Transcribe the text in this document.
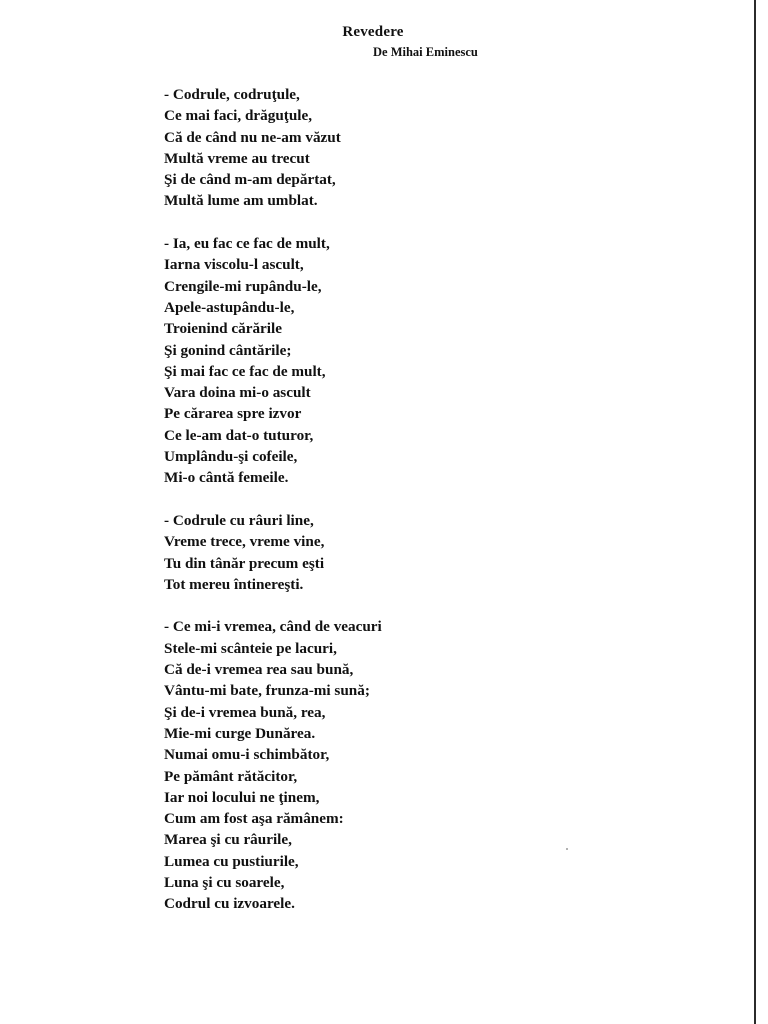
Revedere
De Mihai Eminescu
- Codrule, codruţule,
Ce mai faci, drăguţule,
Că de când nu ne-am văzut
Multă vreme au trecut
Şi de când m-am depărtat,
Multă lume am umblat.
- Ia, eu fac ce fac de mult,
Iarna viscolu-l ascult,
Crengile-mi rupându-le,
Apele-astupându-le,
Troienind cărările
Şi gonind cântările;
Şi mai fac ce fac de mult,
Vara doina mi-o ascult
Pe cărarea spre izvor
Ce le-am dat-o tuturor,
Umplându-şi cofeile,
Mi-o cântă femeile.
- Codrule cu râuri line,
Vreme trece, vreme vine,
Tu din tânăr precum eşti
Tot mereu întinereşti.
- Ce mi-i vremea, când de veacuri
Stele-mi scânteie pe lacuri,
Că de-i vremea rea sau bună,
Vântu-mi bate, frunza-mi sună;
Şi de-i vremea bună, rea,
Mie-mi curge Dunărea.
Numai omu-i schimbător,
Pe pământ rătăcitor,
Iar noi locului ne ţinem,
Cum am fost aşa rămânem:
Marea şi cu râurile,
Lumea cu pustiurile,
Luna şi cu soarele,
Codrul cu izvoarele.
